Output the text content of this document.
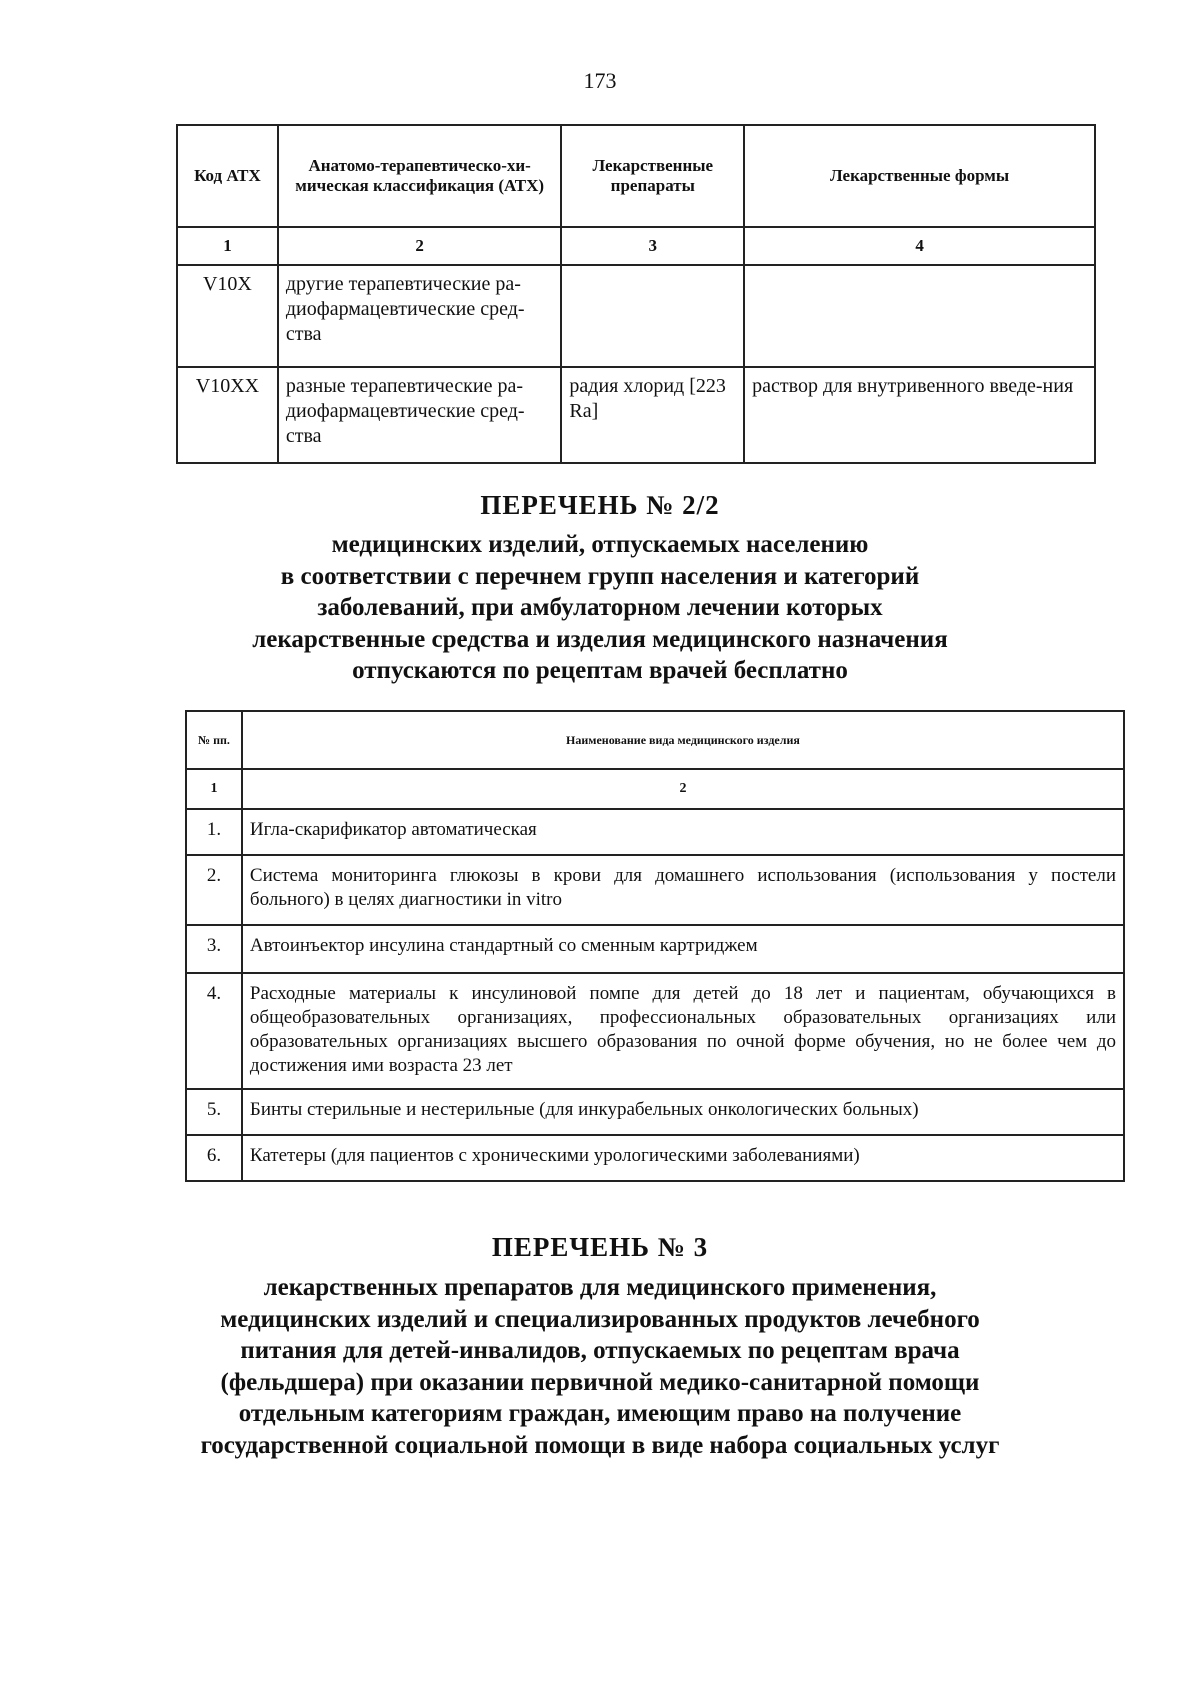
173
Код АТХ	Анатомо-терапевтическо-хи-мическая классификация (АТХ)	Лекарственные препараты	Лекарственные формы
1	2	3	4
V10X	другие терапевтические ра-диофармацевтические сред-ства		
V10XX	разные терапевтические ра-диофармацевтические сред-ства	радия хлорид [223 Ra]	раствор для внутривенного введе-ния
ПЕРЕЧЕНЬ № 2/2
медицинских изделий, отпускаемых населению
в соответствии с перечнем групп населения и категорий
заболеваний, при амбулаторном лечении которых
лекарственные средства и изделия медицинского назначения
отпускаются по рецептам врачей бесплатно
№ пп.	Наименование вида медицинского изделия
1	2
1.	Игла-скарификатор автоматическая
2.	Система мониторинга глюкозы в крови для домашнего использования (использования у постели больного) в целях диагностики in vitro
3.	Автоинъектор инсулина стандартный со сменным картриджем
4.	Расходные материалы к инсулиновой помпе для детей до 18 лет и пациентам, обучающихся в общеобразовательных организациях, профессиональных образовательных организациях или образовательных организациях высшего образования по очной форме обучения, но не более чем до достижения ими возраста 23 лет
5.	Бинты стерильные и нестерильные (для инкурабельных онкологических больных)
6.	Катетеры (для пациентов с хроническими урологическими заболеваниями)
ПЕРЕЧЕНЬ № 3
лекарственных препаратов для медицинского применения,
медицинских изделий и специализированных продуктов лечебного
питания для детей-инвалидов, отпускаемых по рецептам врача
(фельдшера) при оказании первичной медико-санитарной помощи
отдельным категориям граждан, имеющим право на получение
государственной социальной помощи в виде набора социальных услуг
